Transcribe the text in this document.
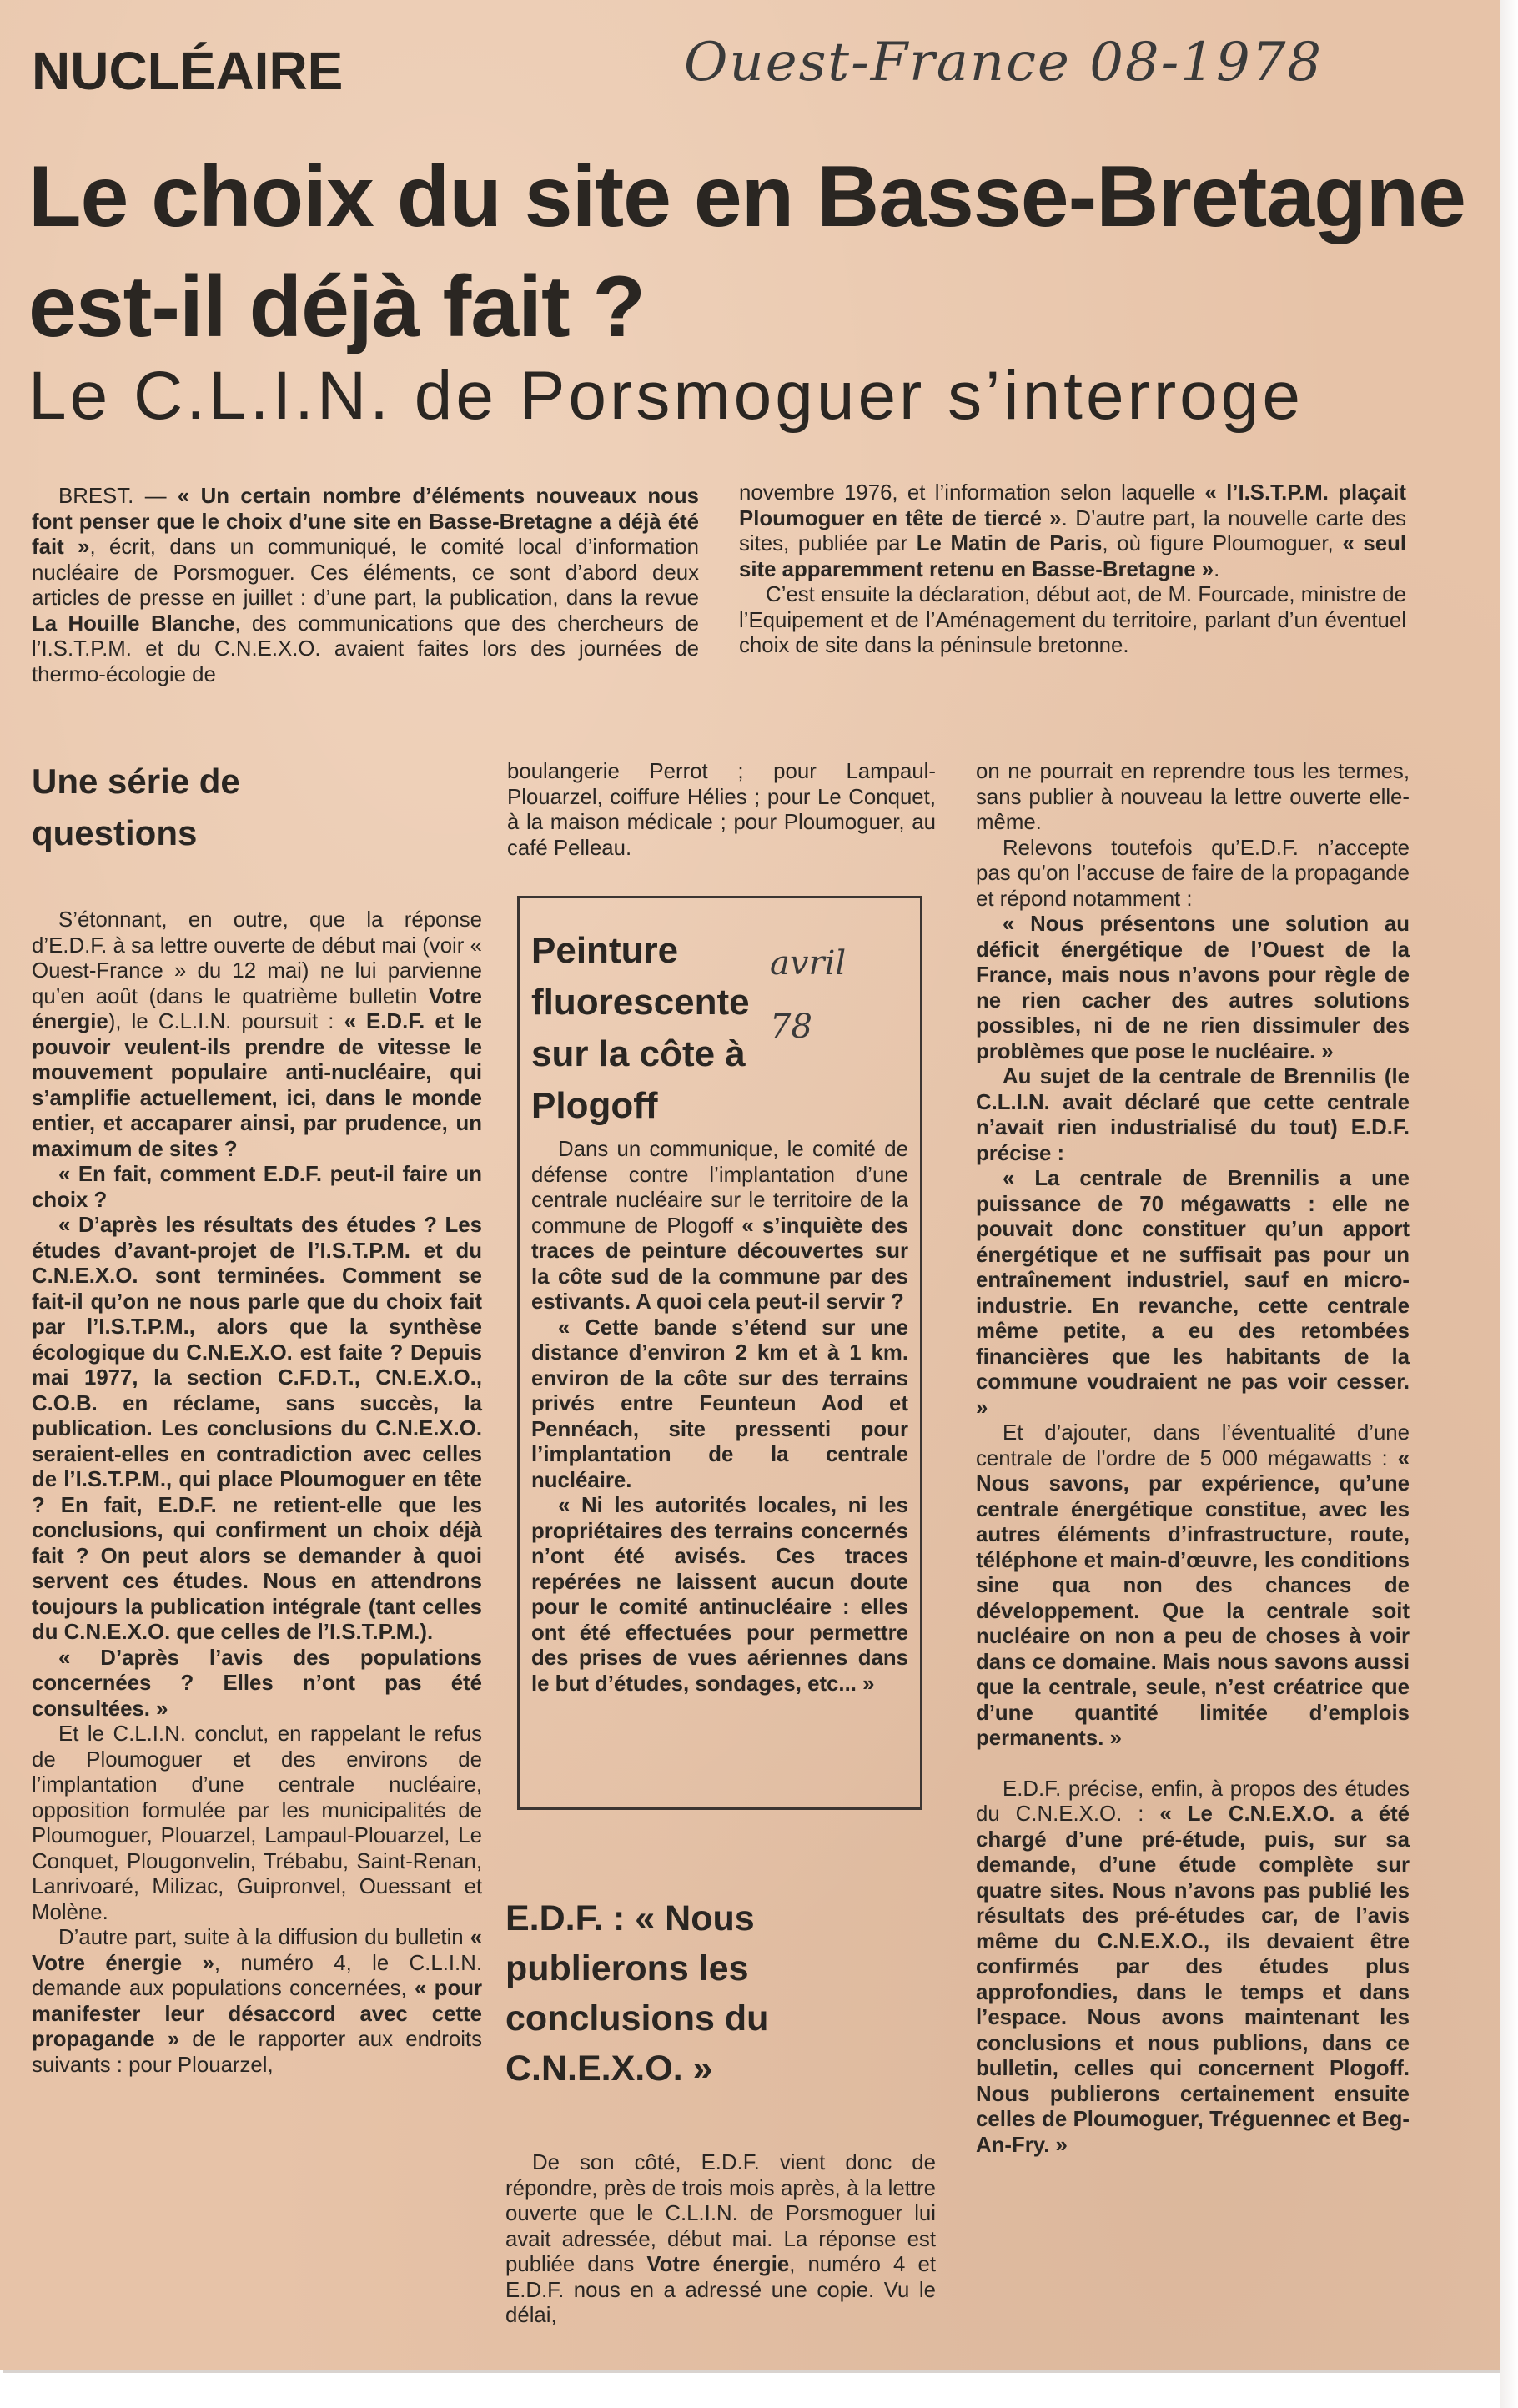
NUCLÉAIRE	Ouest-France 08-1978
Le choix du site en Basse-Bretagne est-il déjà fait ?
Le C.L.I.N. de Porsmoguer s’interroge

BREST. — « Un certain nombre d’éléments nouveaux nous font penser que le choix d’une site en Basse-Bretagne a déjà été fait », écrit, dans un communiqué, le comité local d’information nucléaire de Porsmoguer. Ces éléments, ce sont d’abord deux articles de presse en juillet : d’une part, la publication, dans la revue La Houille Blanche, des communications que des chercheurs de l’I.S.T.P.M. et du C.N.E.X.O. avaient faites lors des journées de thermo-écologie de

novembre 1976, et l’information selon laquelle « l’I.S.T.P.M. plaçait Ploumoguer en tête de tiercé ». D’autre part, la nouvelle carte des sites, publiée par Le Matin de Paris, où figure Ploumoguer, « seul site apparemment retenu en Basse-Bretagne ».

C’est ensuite la déclaration, début aot, de M. Fourcade, ministre de l’Equipement et de l’Aménagement du territoire, parlant d’un éventuel choix de site dans la péninsule bretonne.

Une série de questions

S’étonnant, en outre, que la réponse d’E.D.F. à sa lettre ouverte de début mai (voir « Ouest-France » du 12 mai) ne lui parvienne qu’en août (dans le quatrième bulletin Votre énergie), le C.L.I.N. poursuit : « E.D.F. et le pouvoir veulent-ils prendre de vitesse le mouvement populaire anti-nucléaire, qui s’amplifie actuellement, ici, dans le monde entier, et accaparer ainsi, par prudence, un maximum de sites ?

« En fait, comment E.D.F. peut-il faire un choix ?

« D’après les résultats des études ? Les études d’avant-projet de l’I.S.T.P.M. et du C.N.E.X.O. sont terminées. Comment se fait-il qu’on ne nous parle que du choix fait par l’I.S.T.P.M., alors que la synthèse écologique du C.N.E.X.O. est faite ? Depuis mai 1977, la section C.F.D.T., CN.E.X.O., C.O.B. en réclame, sans succès, la publication. Les conclusions du C.N.E.X.O. seraient-elles en contradiction avec celles de l’I.S.T.P.M., qui place Ploumoguer en tête ? En fait, E.D.F. ne retient-elle que les conclusions, qui confirment un choix déjà fait ? On peut alors se demander à quoi servent ces études. Nous en attendrons toujours la publication intégrale (tant celles du C.N.E.X.O. que celles de l’I.S.T.P.M.).

« D’après l’avis des populations concernées ? Elles n’ont pas été consultées. »

Et le C.L.I.N. conclut, en rappelant le refus de Ploumoguer et des environs de l’implantation d’une centrale nucléaire, opposition formulée par les municipalités de Ploumoguer, Plouarzel, Lampaul-Plouarzel, Le Conquet, Plougonvelin, Trébabu, Saint-Renan, Lanrivoaré, Milizac, Guipronvel, Ouessant et Molène.

D’autre part, suite à la diffusion du bulletin « Votre énergie », numéro 4, le C.L.I.N. demande aux populations concernées, « pour manifester leur désaccord avec cette propagande » de le rapporter aux endroits suivants : pour Plouarzel,

boulangerie Perrot ; pour Lampaul-Plouarzel, coiffure Hélies ; pour Le Conquet, à la maison médicale ; pour Ploumoguer, au café Pelleau.

Peinture fluorescente sur la côte à Plogoff
avril 78

Dans un communique, le comité de défense contre l’implantation d’une centrale nucléaire sur le territoire de la commune de Plogoff « s’inquiète des traces de peinture découvertes sur la côte sud de la commune par des estivants. A quoi cela peut-il servir ?

« Cette bande s’étend sur une distance d’environ 2 km et à 1 km. environ de la côte sur des terrains privés entre Feunteun Aod et Pennéach, site pressenti pour l’implantation de la centrale nucléaire.

« Ni les autorités locales, ni les propriétaires des terrains concernés n’ont été avisés. Ces traces repérées ne laissent aucun doute pour le comité antinucléaire : elles ont été effectuées pour permettre des prises de vues aériennes dans le but d’études, sondages, etc... »

E.D.F. : « Nous publierons les conclusions du C.N.E.X.O. »

De son côté, E.D.F. vient donc de répondre, près de trois mois après, à la lettre ouverte que le C.L.I.N. de Porsmoguer lui avait adressée, début mai. La réponse est publiée dans Votre énergie, numéro 4 et E.D.F. nous en a adressé une copie. Vu le délai,

on ne pourrait en reprendre tous les termes, sans publier à nouveau la lettre ouverte elle-même.

Relevons toutefois qu’E.D.F. n’accepte pas qu’on l’accuse de faire de la propagande et répond notamment :

« Nous présentons une solution au déficit énergétique de l’Ouest de la France, mais nous n’avons pour règle de ne rien cacher des autres solutions possibles, ni de ne rien dissimuler des problèmes que pose le nucléaire. »

Au sujet de la centrale de Brennilis (le C.L.I.N. avait déclaré que cette centrale n’avait rien industrialisé du tout) E.D.F. précise :

« La centrale de Brennilis a une puissance de 70 mégawatts : elle ne pouvait donc constituer qu’un apport énergétique et ne suffisait pas pour un entraînement industriel, sauf en micro-industrie. En revanche, cette centrale même petite, a eu des retombées financières que les habitants de la commune voudraient ne pas voir cesser. »

Et d’ajouter, dans l’éventualité d’une centrale de l’ordre de 5 000 mégawatts : « Nous savons, par expérience, qu’une centrale énergétique constitue, avec les autres éléments d’infrastructure, route, téléphone et main-d’œuvre, les conditions sine qua non des chances de développement. Que la centrale soit nucléaire on non a peu de choses à voir dans ce domaine. Mais nous savons aussi que la centrale, seule, n’est créatrice que d’une quantité limitée d’emplois permanents. »

E.D.F. précise, enfin, à propos des études du C.N.E.X.O. : « Le C.N.E.X.O. a été chargé d’une pré-étude, puis, sur sa demande, d’une étude complète sur quatre sites. Nous n’avons pas publié les résultats des pré-études car, de l’avis même du C.N.E.X.O., ils devaient être confirmés par des études plus approfondies, dans le temps et dans l’espace. Nous avons maintenant les conclusions et nous publions, dans ce bulletin, celles qui concernent Plogoff. Nous publierons certainement ensuite celles de Ploumoguer, Tréguennec et Beg-An-Fry. »
